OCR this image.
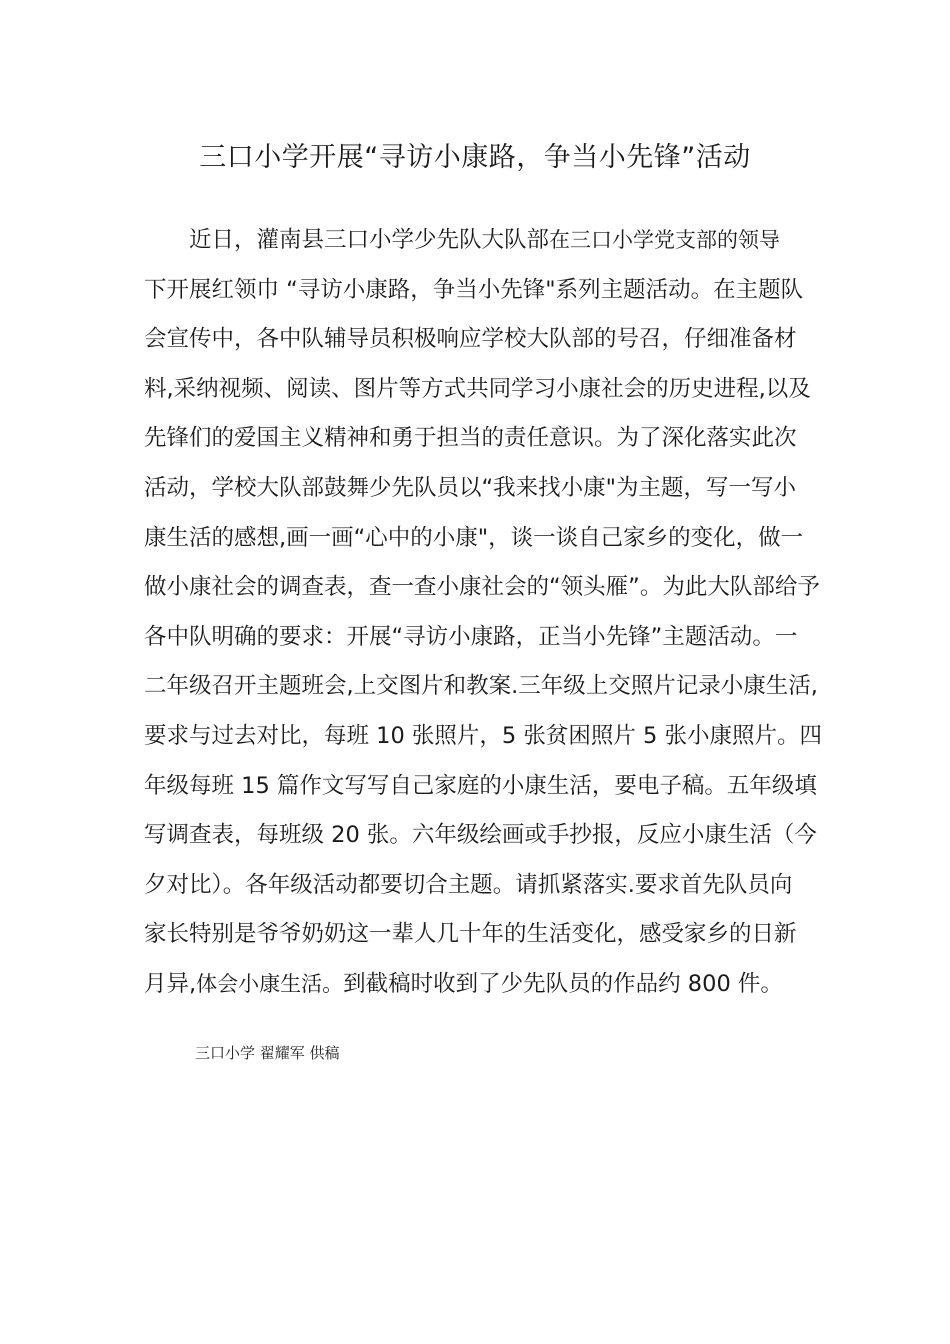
三口小学开展“寻访小康路，争当小先锋”活动
近日，灌南县三口小学少先队大队部在三口小学党支部的领导
下开展红领巾 “寻访小康路，争当小先锋"系列主题活动。在主题队
会宣传中，各中队辅导员积极响应学校大队部的号召，仔细准备材
料,采纳视频、阅读、图片等方式共同学习小康社会的历史进程,以及
先锋们的爱国主义精神和勇于担当的责任意识。为了深化落实此次
活动，学校大队部鼓舞少先队员以“我来找小康"为主题，写一写小
康生活的感想,画一画“心中的小康"，谈一谈自己家乡的变化，做一
做小康社会的调查表，查一查小康社会的“领头雁”。为此大队部给予
各中队明确的要求：开展“寻访小康路，正当小先锋”主题活动。一
二年级召开主题班会,上交图片和教案.三年级上交照片记录小康生活,
要求与过去对比，每班 10 张照片，5 张贫困照片 5 张小康照片。四
年级每班 15 篇作文写写自己家庭的小康生活，要电子稿。五年级填
写调查表，每班级 20 张。六年级绘画或手抄报，反应小康生活（今
夕对比）。各年级活动都要切合主题。请抓紧落实.要求首先队员向
家长特别是爷爷奶奶这一辈人几十年的生活变化，感受家乡的日新
月异,体会小康生活。到截稿时收到了少先队员的作品约 800 件。
三口小学 翟耀军 供稿
